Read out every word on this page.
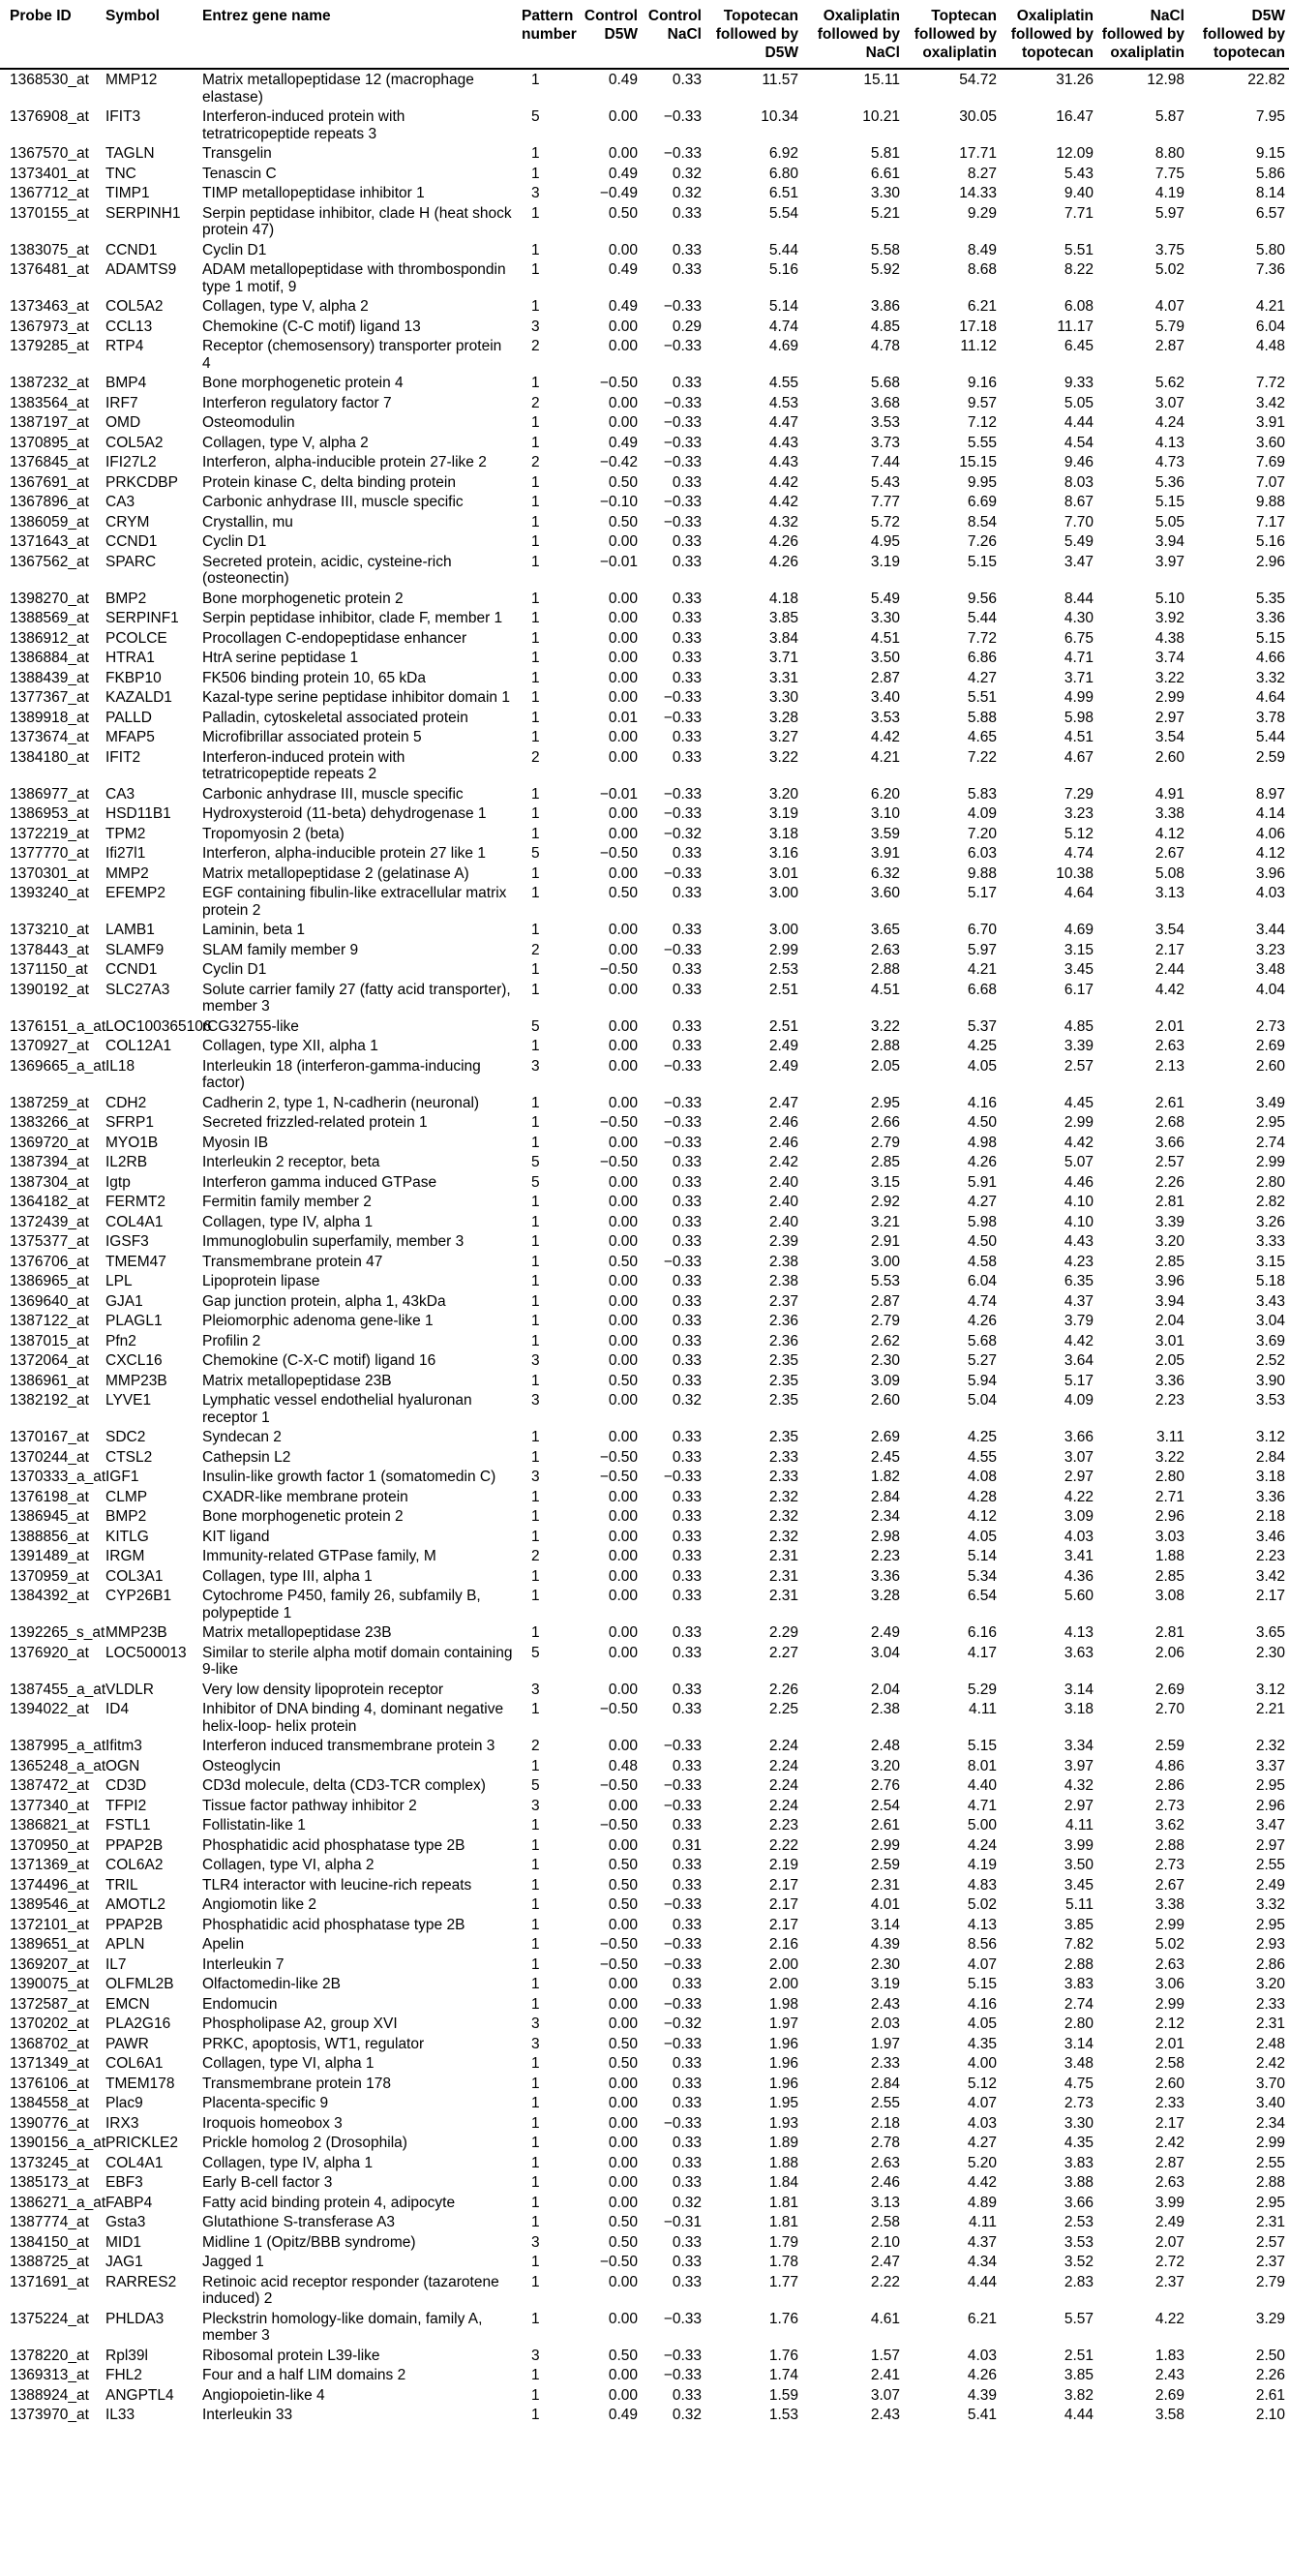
Probe ID	Symbol	Entrez gene name	Pattern number	Control D5W	Control NaCl	Topotecan followed by D5W	Oxaliplatin followed by NaCl	Toptecan followed by oxaliplatin	Oxaliplatin followed by topotecan	NaCl followed by oxaliplatin	D5W followed by topotecan
1368530_at	MMP12	Matrix metallopeptidase 12 (macrophage elastase)	1	0.49	0.33	11.57	15.11	54.72	31.26	12.98	22.82
1376908_at	IFIT3	Interferon-induced protein with tetratricopeptide repeats 3	5	0.00	−0.33	10.34	10.21	30.05	16.47	5.87	7.95
1367570_at	TAGLN	Transgelin	1	0.00	−0.33	6.92	5.81	17.71	12.09	8.80	9.15
1373401_at	TNC	Tenascin C	1	0.49	0.32	6.80	6.61	8.27	5.43	7.75	5.86
1367712_at	TIMP1	TIMP metallopeptidase inhibitor 1	3	−0.49	0.32	6.51	3.30	14.33	9.40	4.19	8.14
1370155_at	SERPINH1	Serpin peptidase inhibitor, clade H (heat shock protein 47)	1	0.50	0.33	5.54	5.21	9.29	7.71	5.97	6.57
1383075_at	CCND1	Cyclin D1	1	0.00	0.33	5.44	5.58	8.49	5.51	3.75	5.80
1376481_at	ADAMTS9	ADAM metallopeptidase with thrombospondin type 1 motif, 9	1	0.49	0.33	5.16	5.92	8.68	8.22	5.02	7.36
1373463_at	COL5A2	Collagen, type V, alpha 2	1	0.49	−0.33	5.14	3.86	6.21	6.08	4.07	4.21
1367973_at	CCL13	Chemokine (C-C motif) ligand 13	3	0.00	0.29	4.74	4.85	17.18	11.17	5.79	6.04
1379285_at	RTP4	Receptor (chemosensory) transporter protein 4	2	0.00	−0.33	4.69	4.78	11.12	6.45	2.87	4.48
1387232_at	BMP4	Bone morphogenetic protein 4	1	−0.50	0.33	4.55	5.68	9.16	9.33	5.62	7.72
1383564_at	IRF7	Interferon regulatory factor 7	2	0.00	−0.33	4.53	3.68	9.57	5.05	3.07	3.42
1387197_at	OMD	Osteomodulin	1	0.00	−0.33	4.47	3.53	7.12	4.44	4.24	3.91
1370895_at	COL5A2	Collagen, type V, alpha 2	1	0.49	−0.33	4.43	3.73	5.55	4.54	4.13	3.60
1376845_at	IFI27L2	Interferon, alpha-inducible protein 27-like 2	2	−0.42	−0.33	4.43	7.44	15.15	9.46	4.73	7.69
1367691_at	PRKCDBP	Protein kinase C, delta binding protein	1	0.50	0.33	4.42	5.43	9.95	8.03	5.36	7.07
1367896_at	CA3	Carbonic anhydrase III, muscle specific	1	−0.10	−0.33	4.42	7.77	6.69	8.67	5.15	9.88
1386059_at	CRYM	Crystallin, mu	1	0.50	−0.33	4.32	5.72	8.54	7.70	5.05	7.17
1371643_at	CCND1	Cyclin D1	1	0.00	0.33	4.26	4.95	7.26	5.49	3.94	5.16
1367562_at	SPARC	Secreted protein, acidic, cysteine-rich (osteonectin)	1	−0.01	0.33	4.26	3.19	5.15	3.47	3.97	2.96
1398270_at	BMP2	Bone morphogenetic protein 2	1	0.00	0.33	4.18	5.49	9.56	8.44	5.10	5.35
1388569_at	SERPINF1	Serpin peptidase inhibitor, clade F, member 1	1	0.00	0.33	3.85	3.30	5.44	4.30	3.92	3.36
1386912_at	PCOLCE	Procollagen C-endopeptidase enhancer	1	0.00	0.33	3.84	4.51	7.72	6.75	4.38	5.15
1386884_at	HTRA1	HtrA serine peptidase 1	1	0.00	0.33	3.71	3.50	6.86	4.71	3.74	4.66
1388439_at	FKBP10	FK506 binding protein 10, 65 kDa	1	0.00	0.33	3.31	2.87	4.27	3.71	3.22	3.32
1377367_at	KAZALD1	Kazal-type serine peptidase inhibitor domain 1	1	0.00	−0.33	3.30	3.40	5.51	4.99	2.99	4.64
1389918_at	PALLD	Palladin, cytoskeletal associated protein	1	0.01	−0.33	3.28	3.53	5.88	5.98	2.97	3.78
1373674_at	MFAP5	Microfibrillar associated protein 5	1	0.00	0.33	3.27	4.42	4.65	4.51	3.54	5.44
1384180_at	IFIT2	Interferon-induced protein with tetratricopeptide repeats 2	2	0.00	0.33	3.22	4.21	7.22	4.67	2.60	2.59
1386977_at	CA3	Carbonic anhydrase III, muscle specific	1	−0.01	−0.33	3.20	6.20	5.83	7.29	4.91	8.97
1386953_at	HSD11B1	Hydroxysteroid (11-beta) dehydrogenase 1	1	0.00	−0.33	3.19	3.10	4.09	3.23	3.38	4.14
1372219_at	TPM2	Tropomyosin 2 (beta)	1	0.00	−0.32	3.18	3.59	7.20	5.12	4.12	4.06
1377770_at	Ifi27l1	Interferon, alpha-inducible protein 27 like 1	5	−0.50	0.33	3.16	3.91	6.03	4.74	2.67	4.12
1370301_at	MMP2	Matrix metallopeptidase 2 (gelatinase A)	1	0.00	−0.33	3.01	6.32	9.88	10.38	5.08	3.96
1393240_at	EFEMP2	EGF containing fibulin-like extracellular matrix protein 2	1	0.50	0.33	3.00	3.60	5.17	4.64	3.13	4.03
1373210_at	LAMB1	Laminin, beta 1	1	0.00	0.33	3.00	3.65	6.70	4.69	3.54	3.44
1378443_at	SLAMF9	SLAM family member 9	2	0.00	−0.33	2.99	2.63	5.97	3.15	2.17	3.23
1371150_at	CCND1	Cyclin D1	1	−0.50	0.33	2.53	2.88	4.21	3.45	2.44	3.48
1390192_at	SLC27A3	Solute carrier family 27 (fatty acid transporter), member 3	1	0.00	0.33	2.51	4.51	6.68	6.17	4.42	4.04
1376151_a_at	LOC100365106	rCG32755-like	5	0.00	0.33	2.51	3.22	5.37	4.85	2.01	2.73
1370927_at	COL12A1	Collagen, type XII, alpha 1	1	0.00	0.33	2.49	2.88	4.25	3.39	2.63	2.69
1369665_a_at	IL18	Interleukin 18 (interferon-gamma-inducing factor)	3	0.00	−0.33	2.49	2.05	4.05	2.57	2.13	2.60
1387259_at	CDH2	Cadherin 2, type 1, N-cadherin (neuronal)	1	0.00	−0.33	2.47	2.95	4.16	4.45	2.61	3.49
1383266_at	SFRP1	Secreted frizzled-related protein 1	1	−0.50	−0.33	2.46	2.66	4.50	2.99	2.68	2.95
1369720_at	MYO1B	Myosin IB	1	0.00	−0.33	2.46	2.79	4.98	4.42	3.66	2.74
1387394_at	IL2RB	Interleukin 2 receptor, beta	5	−0.50	0.33	2.42	2.85	4.26	5.07	2.57	2.99
1387304_at	Igtp	Interferon gamma induced GTPase	5	0.00	0.33	2.40	3.15	5.91	4.46	2.26	2.80
1364182_at	FERMT2	Fermitin family member 2	1	0.00	0.33	2.40	2.92	4.27	4.10	2.81	2.82
1372439_at	COL4A1	Collagen, type IV, alpha 1	1	0.00	0.33	2.40	3.21	5.98	4.10	3.39	3.26
1375377_at	IGSF3	Immunoglobulin superfamily, member 3	1	0.00	0.33	2.39	2.91	4.50	4.43	3.20	3.33
1376706_at	TMEM47	Transmembrane protein 47	1	0.50	−0.33	2.38	3.00	4.58	4.23	2.85	3.15
1386965_at	LPL	Lipoprotein lipase	1	0.00	0.33	2.38	5.53	6.04	6.35	3.96	5.18
1369640_at	GJA1	Gap junction protein, alpha 1, 43kDa	1	0.00	0.33	2.37	2.87	4.74	4.37	3.94	3.43
1387122_at	PLAGL1	Pleiomorphic adenoma gene-like 1	1	0.00	0.33	2.36	2.79	4.26	3.79	2.04	3.04
1387015_at	Pfn2	Profilin 2	1	0.00	0.33	2.36	2.62	5.68	4.42	3.01	3.69
1372064_at	CXCL16	Chemokine (C-X-C motif) ligand 16	3	0.00	0.33	2.35	2.30	5.27	3.64	2.05	2.52
1386961_at	MMP23B	Matrix metallopeptidase 23B	1	0.50	0.33	2.35	3.09	5.94	5.17	3.36	3.90
1382192_at	LYVE1	Lymphatic vessel endothelial hyaluronan receptor 1	3	0.00	0.32	2.35	2.60	5.04	4.09	2.23	3.53
1370167_at	SDC2	Syndecan 2	1	0.00	0.33	2.35	2.69	4.25	3.66	3.11	3.12
1370244_at	CTSL2	Cathepsin L2	1	−0.50	0.33	2.33	2.45	4.55	3.07	3.22	2.84
1370333_a_at	IGF1	Insulin-like growth factor 1 (somatomedin C)	3	−0.50	−0.33	2.33	1.82	4.08	2.97	2.80	3.18
1376198_at	CLMP	CXADR-like membrane protein	1	0.00	0.33	2.32	2.84	4.28	4.22	2.71	3.36
1386945_at	BMP2	Bone morphogenetic protein 2	1	0.00	0.33	2.32	2.34	4.12	3.09	2.96	2.18
1388856_at	KITLG	KIT ligand	1	0.00	0.33	2.32	2.98	4.05	4.03	3.03	3.46
1391489_at	IRGM	Immunity-related GTPase family, M	2	0.00	0.33	2.31	2.23	5.14	3.41	1.88	2.23
1370959_at	COL3A1	Collagen, type III, alpha 1	1	0.00	0.33	2.31	3.36	5.34	4.36	2.85	3.42
1384392_at	CYP26B1	Cytochrome P450, family 26, subfamily B, polypeptide 1	1	0.00	0.33	2.31	3.28	6.54	5.60	3.08	2.17
1392265_s_at	MMP23B	Matrix metallopeptidase 23B	1	0.00	0.33	2.29	2.49	6.16	4.13	2.81	3.65
1376920_at	LOC500013	Similar to sterile alpha motif domain containing 9-like	5	0.00	0.33	2.27	3.04	4.17	3.63	2.06	2.30
1387455_a_at	VLDLR	Very low density lipoprotein receptor	3	0.00	0.33	2.26	2.04	5.29	3.14	2.69	3.12
1394022_at	ID4	Inhibitor of DNA binding 4, dominant negative helix-loop- helix protein	1	−0.50	0.33	2.25	2.38	4.11	3.18	2.70	2.21
1387995_a_at	Ifitm3	Interferon induced transmembrane protein 3	2	0.00	−0.33	2.24	2.48	5.15	3.34	2.59	2.32
1365248_a_at	OGN	Osteoglycin	1	0.48	0.33	2.24	3.20	8.01	3.97	4.86	3.37
1387472_at	CD3D	CD3d molecule, delta (CD3-TCR complex)	5	−0.50	−0.33	2.24	2.76	4.40	4.32	2.86	2.95
1377340_at	TFPI2	Tissue factor pathway inhibitor 2	3	0.00	−0.33	2.24	2.54	4.71	2.97	2.73	2.96
1386821_at	FSTL1	Follistatin-like 1	1	−0.50	0.33	2.23	2.61	5.00	4.11	3.62	3.47
1370950_at	PPAP2B	Phosphatidic acid phosphatase type 2B	1	0.00	0.31	2.22	2.99	4.24	3.99	2.88	2.97
1371369_at	COL6A2	Collagen, type VI, alpha 2	1	0.50	0.33	2.19	2.59	4.19	3.50	2.73	2.55
1374496_at	TRIL	TLR4 interactor with leucine-rich repeats	1	0.50	0.33	2.17	2.31	4.83	3.45	2.67	2.49
1389546_at	AMOTL2	Angiomotin like 2	1	0.50	−0.33	2.17	4.01	5.02	5.11	3.38	3.32
1372101_at	PPAP2B	Phosphatidic acid phosphatase type 2B	1	0.00	0.33	2.17	3.14	4.13	3.85	2.99	2.95
1389651_at	APLN	Apelin	1	−0.50	−0.33	2.16	4.39	8.56	7.82	5.02	2.93
1369207_at	IL7	Interleukin 7	1	−0.50	−0.33	2.00	2.30	4.07	2.88	2.63	2.86
1390075_at	OLFML2B	Olfactomedin-like 2B	1	0.00	0.33	2.00	3.19	5.15	3.83	3.06	3.20
1372587_at	EMCN	Endomucin	1	0.00	−0.33	1.98	2.43	4.16	2.74	2.99	2.33
1370202_at	PLA2G16	Phospholipase A2, group XVI	3	0.00	−0.32	1.97	2.03	4.05	2.80	2.12	2.31
1368702_at	PAWR	PRKC, apoptosis, WT1, regulator	3	0.50	−0.33	1.96	1.97	4.35	3.14	2.01	2.48
1371349_at	COL6A1	Collagen, type VI, alpha 1	1	0.50	0.33	1.96	2.33	4.00	3.48	2.58	2.42
1376106_at	TMEM178	Transmembrane protein 178	1	0.00	0.33	1.96	2.84	5.12	4.75	2.60	3.70
1384558_at	Plac9	Placenta-specific 9	1	0.00	0.33	1.95	2.55	4.07	2.73	2.33	3.40
1390776_at	IRX3	Iroquois homeobox 3	1	0.00	−0.33	1.93	2.18	4.03	3.30	2.17	2.34
1390156_a_at	PRICKLE2	Prickle homolog 2 (Drosophila)	1	0.00	0.33	1.89	2.78	4.27	4.35	2.42	2.99
1373245_at	COL4A1	Collagen, type IV, alpha 1	1	0.00	0.33	1.88	2.63	5.20	3.83	2.87	2.55
1385173_at	EBF3	Early B-cell factor 3	1	0.00	0.33	1.84	2.46	4.42	3.88	2.63	2.88
1386271_a_at	FABP4	Fatty acid binding protein 4, adipocyte	1	0.00	0.32	1.81	3.13	4.89	3.66	3.99	2.95
1387774_at	Gsta3	Glutathione S-transferase A3	1	0.50	−0.31	1.81	2.58	4.11	2.53	2.49	2.31
1384150_at	MID1	Midline 1 (Opitz/BBB syndrome)	3	0.50	0.33	1.79	2.10	4.37	3.53	2.07	2.57
1388725_at	JAG1	Jagged 1	1	−0.50	0.33	1.78	2.47	4.34	3.52	2.72	2.37
1371691_at	RARRES2	Retinoic acid receptor responder (tazarotene induced) 2	1	0.00	0.33	1.77	2.22	4.44	2.83	2.37	2.79
1375224_at	PHLDA3	Pleckstrin homology-like domain, family A, member 3	1	0.00	−0.33	1.76	4.61	6.21	5.57	4.22	3.29
1378220_at	Rpl39l	Ribosomal protein L39-like	3	0.50	−0.33	1.76	1.57	4.03	2.51	1.83	2.50
1369313_at	FHL2	Four and a half LIM domains 2	1	0.00	−0.33	1.74	2.41	4.26	3.85	2.43	2.26
1388924_at	ANGPTL4	Angiopoietin-like 4	1	0.00	0.33	1.59	3.07	4.39	3.82	2.69	2.61
1373970_at	IL33	Interleukin 33	1	0.49	0.32	1.53	2.43	5.41	4.44	3.58	2.10
